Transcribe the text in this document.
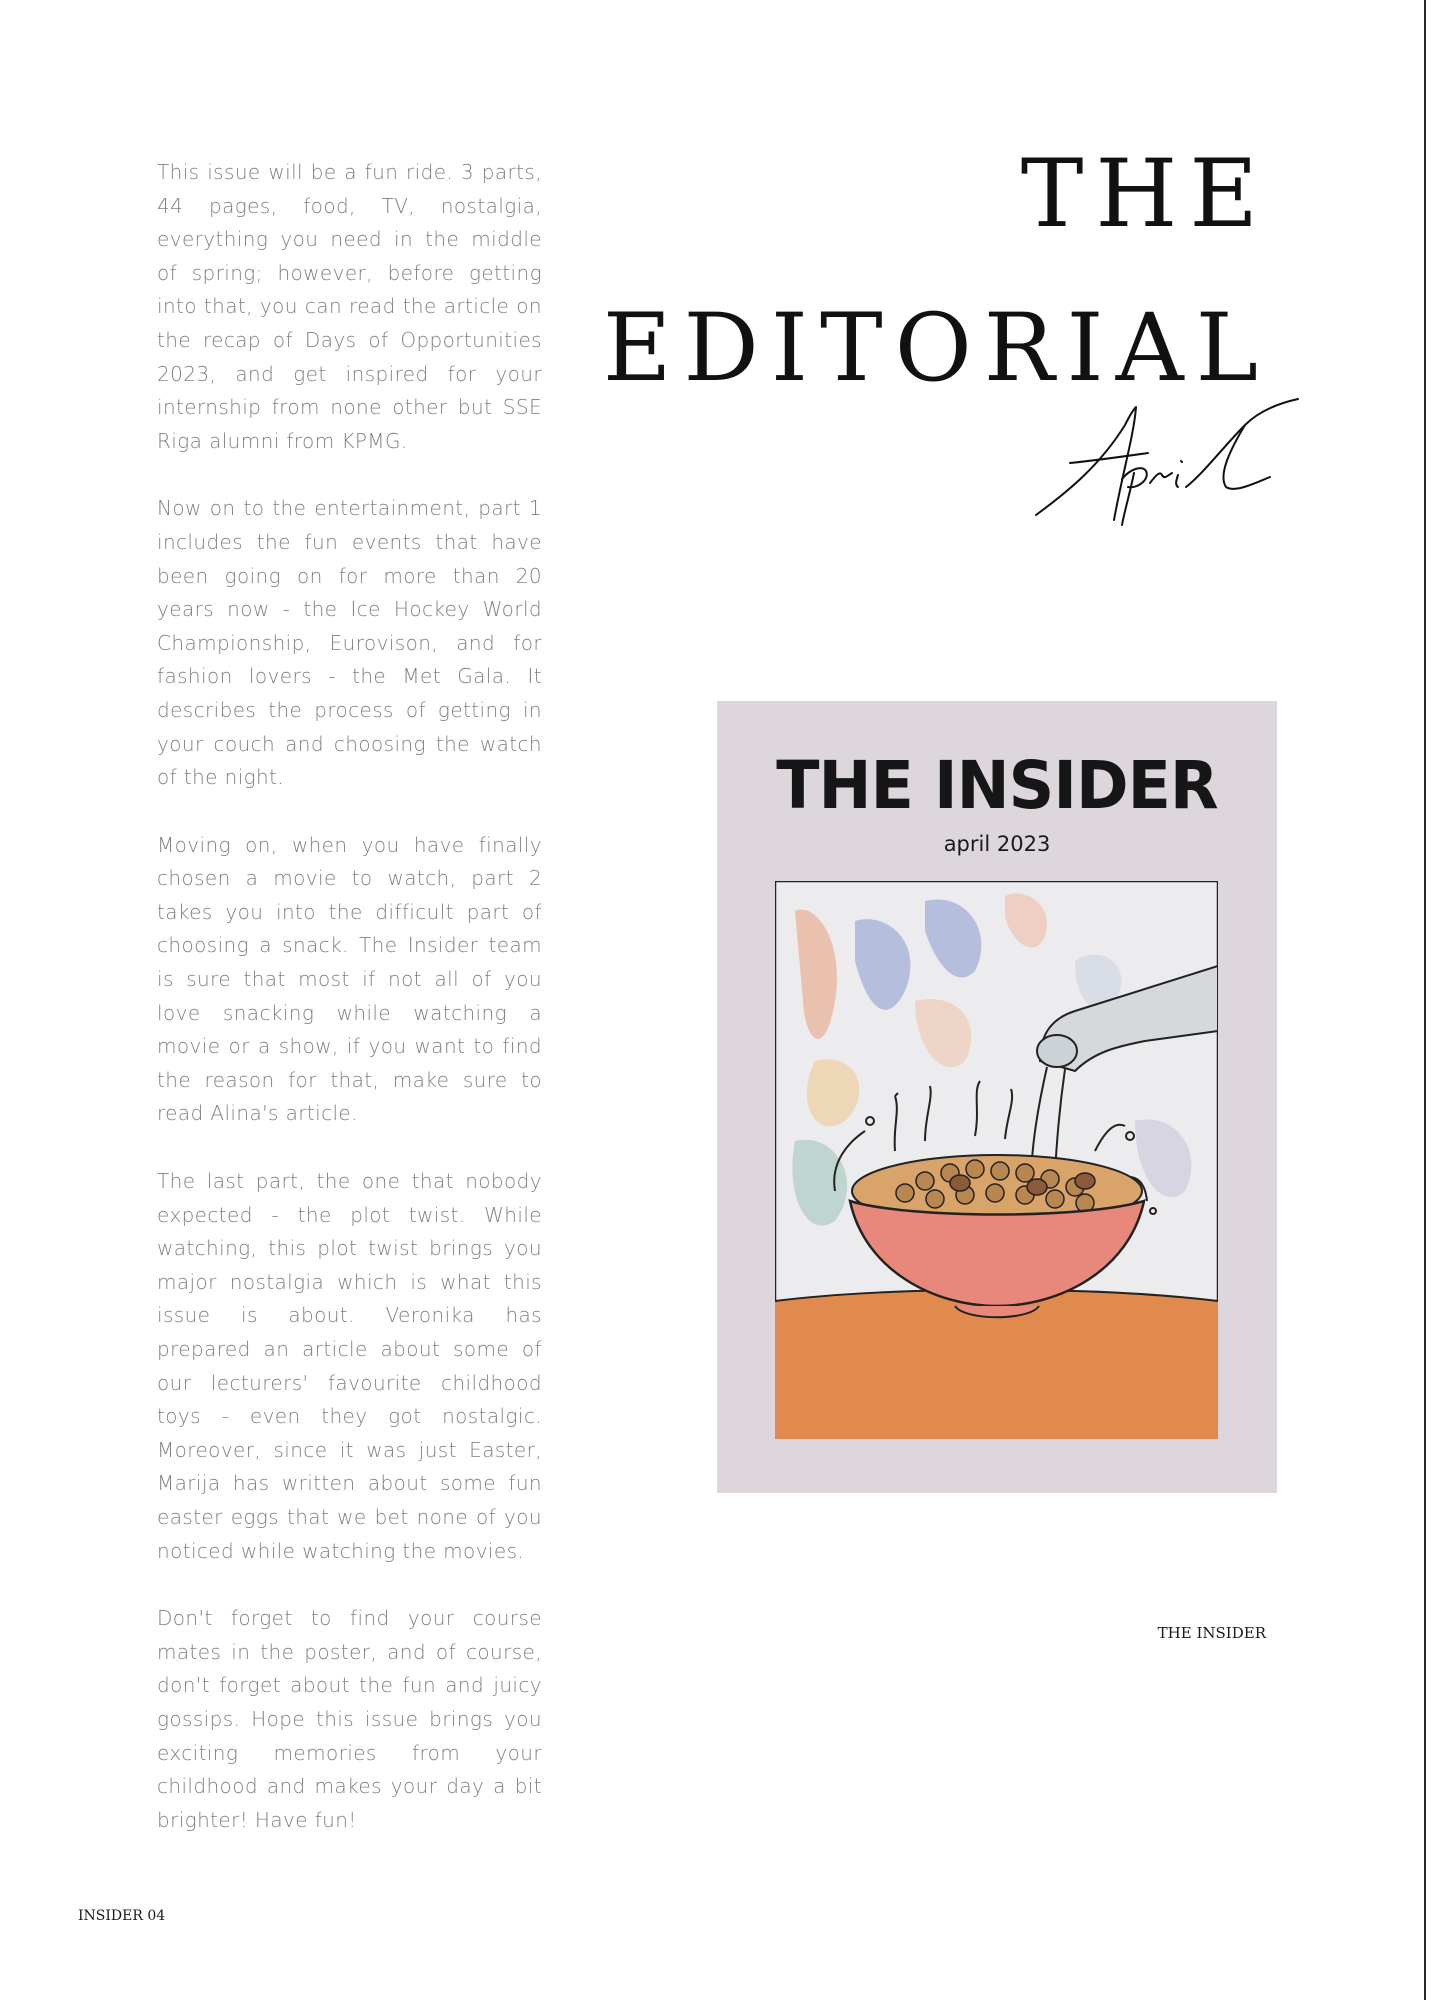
This issue will be a fun ride. 3 parts, 44 pages, food, TV, nostalgia, everything you need in the middle of spring; however, before getting into that, you can read the article on the recap of Days of Opportunities 2023, and get inspired for your internship from none other but SSE Riga alumni from KPMG.

Now on to the entertainment, part 1 includes the fun events that have been going on for more than 20 years now - the Ice Hockey World Championship, Eurovison, and for fashion lovers - the Met Gala. It describes the process of getting in your couch and choosing the watch of the night.

Moving on, when you have finally chosen a movie to watch, part 2 takes you into the difficult part of choosing a snack. The Insider team is sure that most if not all of you love snacking while watching a movie or a show, if you want to find the reason for that, make sure to read Alina's article.

The last part, the one that nobody expected - the plot twist. While watching, this plot twist brings you major nostalgia which is what this issue is about. Veronika has prepared an article about some of our lecturers' favourite childhood toys - even they got nostalgic. Moreover, since it was just Easter, Marija has written about some fun easter eggs that we bet none of you noticed while watching the movies.

Don't forget to find your course mates in the poster, and of course, don't forget about the fun and juicy gossips. Hope this issue brings you exciting memories from your childhood and makes your day a bit brighter! Have fun!

THE
EDITORIAL
THE INSIDER
april 2023
THE INSIDER
INSIDER 04
